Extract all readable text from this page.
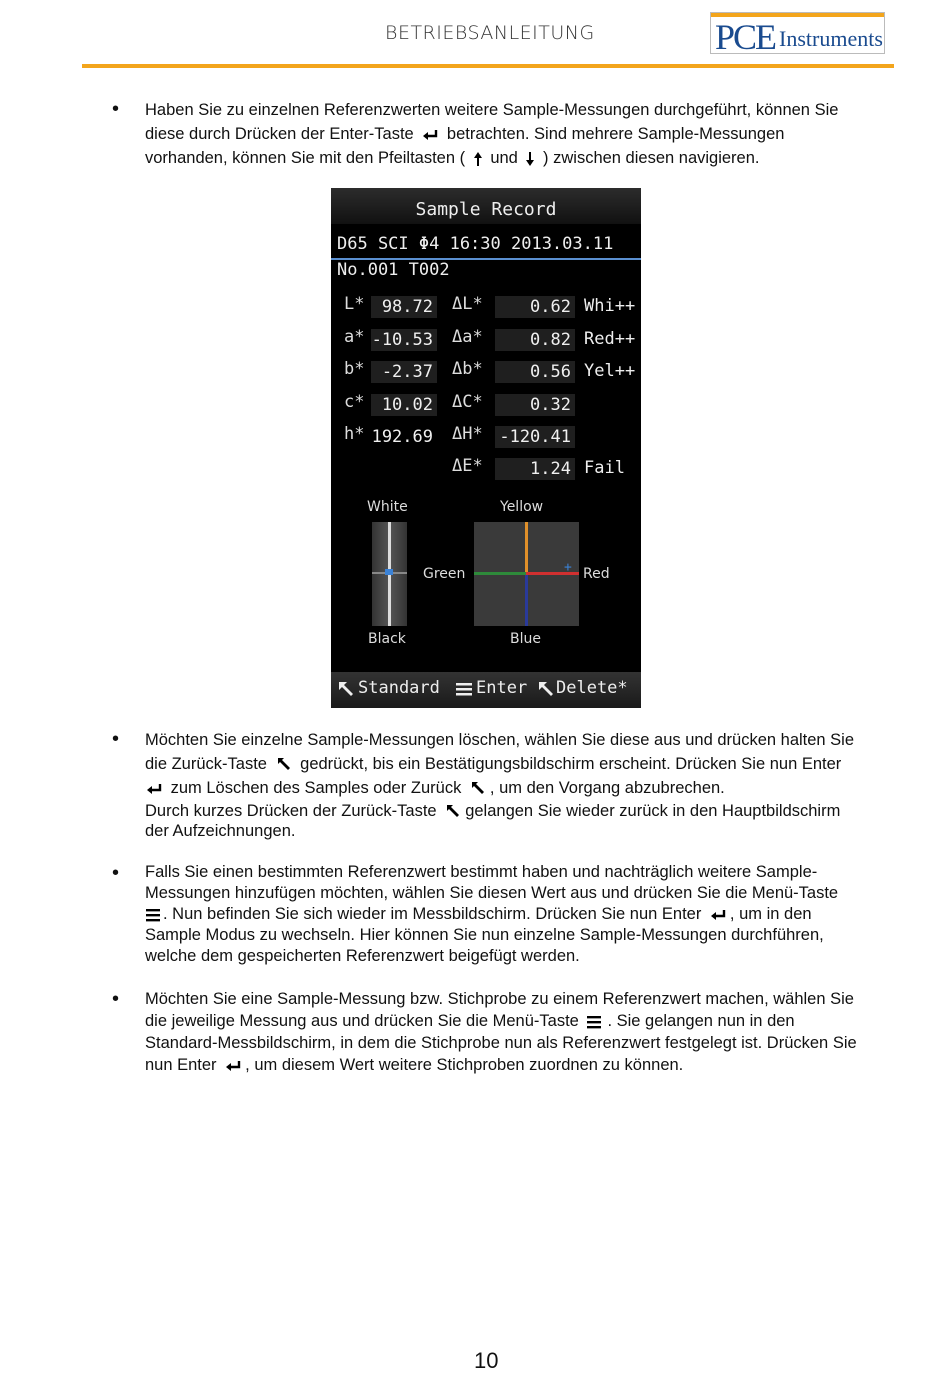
BETRIEBSANLEITUNG	PCE Instruments
• Haben Sie zu einzelnen Referenzwerten weitere Sample-Messungen durchgeführt, können Sie
diese durch Drücken der Enter-Taste betrachten. Sind mehrere Sample-Messungen
vorhanden, können Sie mit den Pfeiltasten ( und ) zwischen diesen navigieren.
Sample Record
D65 SCI Φ4 16:30 2013.03.11
No.001 T002
L*	98.72 ΔL*	0.62 Whi++
a* -10.53 Δa*	0.82 Red++
b*	-2.37 Δb*	0.56 Yel++
c*	10.02 ΔC*	0.32
h* 192.69 ΔH* -120.41
ΔE*	1.24 Fail
White	Yellow
Green	+ Red
Black	Blue
Standard Enter Delete*
• Möchten Sie einzelne Sample-Messungen löschen, wählen Sie diese aus und drücken halten Sie
die Zurück-Taste gedrückt, bis ein Bestätigungsbildschirm erscheint. Drücken Sie nun Enter
zum Löschen des Samples oder Zurück , um den Vorgang abzubrechen.
Durch kurzes Drücken der Zurück-Taste gelangen Sie wieder zurück in den Hauptbildschirm
der Aufzeichnungen.
• Falls Sie einen bestimmten Referenzwert bestimmt haben und nachträglich weitere Sample-
Messungen hinzufügen möchten, wählen Sie diesen Wert aus und drücken Sie die Menü-Taste
. Nun befinden Sie sich wieder im Messbildschirm. Drücken Sie nun Enter , um in den
Sample Modus zu wechseln. Hier können Sie nun einzelne Sample-Messungen durchführen,
welche dem gespeicherten Referenzwert beigefügt werden.
• Möchten Sie eine Sample-Messung bzw. Stichprobe zu einem Referenzwert machen, wählen Sie
die jeweilige Messung aus und drücken Sie die Menü-Taste . Sie gelangen nun in den
Standard-Messbildschirm, in dem die Stichprobe nun als Referenzwert festgelegt ist. Drücken Sie
nun Enter , um diesem Wert weitere Stichproben zuordnen zu können.
10
